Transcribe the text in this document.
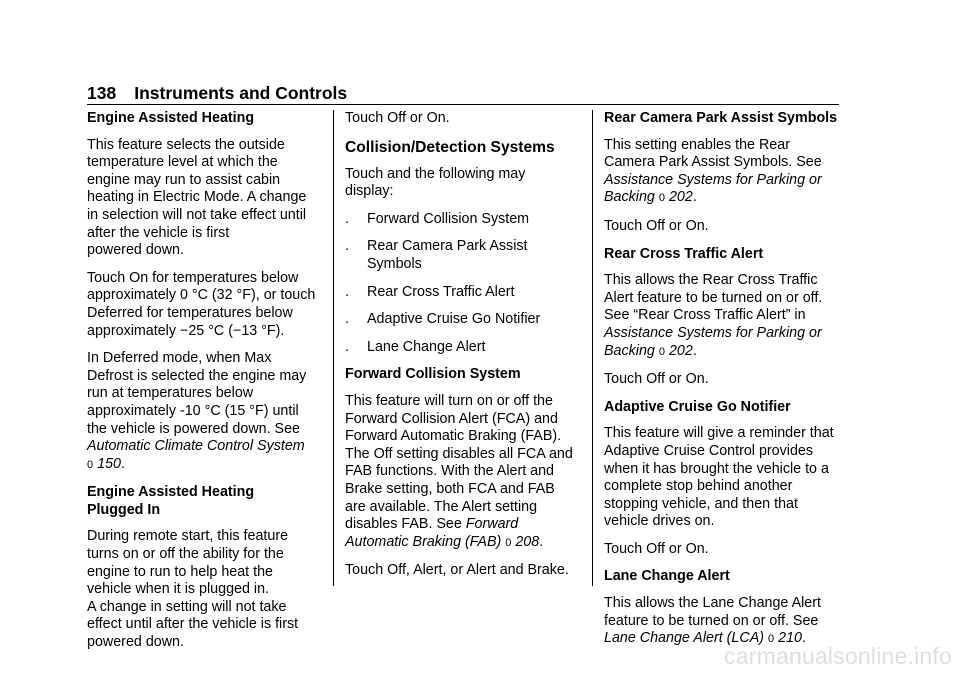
138 Instruments and Controls

Engine Assisted Heating

This feature selects the outside
temperature level at which the
engine may run to assist cabin
heating in Electric Mode. A change
in selection will not take effect until
after the vehicle is first
powered down.

Touch On for temperatures below
approximately 0 °C (32 °F), or touch
Deferred for temperatures below
approximately −25 °C (−13 °F).

In Deferred mode, when Max
Defrost is selected the engine may
run at temperatures below
approximately -10 °C (15 °F) until
the vehicle is powered down. See
Automatic Climate Control System
0 150.

Engine Assisted Heating
Plugged In

During remote start, this feature
turns on or off the ability for the
engine to run to help heat the
vehicle when it is plugged in.
A change in setting will not take
effect until after the vehicle is first
powered down.

Touch Off or On.

Collision/Detection Systems

Touch and the following may
display:

. Forward Collision System
. Rear Camera Park Assist
Symbols
. Rear Cross Traffic Alert
. Adaptive Cruise Go Notifier
. Lane Change Alert

Forward Collision System

This feature will turn on or off the
Forward Collision Alert (FCA) and
Forward Automatic Braking (FAB).
The Off setting disables all FCA and
FAB functions. With the Alert and
Brake setting, both FCA and FAB
are available. The Alert setting
disables FAB. See Forward
Automatic Braking (FAB) 0 208.

Touch Off, Alert, or Alert and Brake.

Rear Camera Park Assist Symbols

This setting enables the Rear
Camera Park Assist Symbols. See
Assistance Systems for Parking or
Backing 0 202.

Touch Off or On.

Rear Cross Traffic Alert

This allows the Rear Cross Traffic
Alert feature to be turned on or off.
See “Rear Cross Traffic Alert” in
Assistance Systems for Parking or
Backing 0 202.

Touch Off or On.

Adaptive Cruise Go Notifier

This feature will give a reminder that
Adaptive Cruise Control provides
when it has brought the vehicle to a
complete stop behind another
stopping vehicle, and then that
vehicle drives on.

Touch Off or On.

Lane Change Alert

This allows the Lane Change Alert
feature to be turned on or off. See
Lane Change Alert (LCA) 0 210.

carmanualsonline.info
